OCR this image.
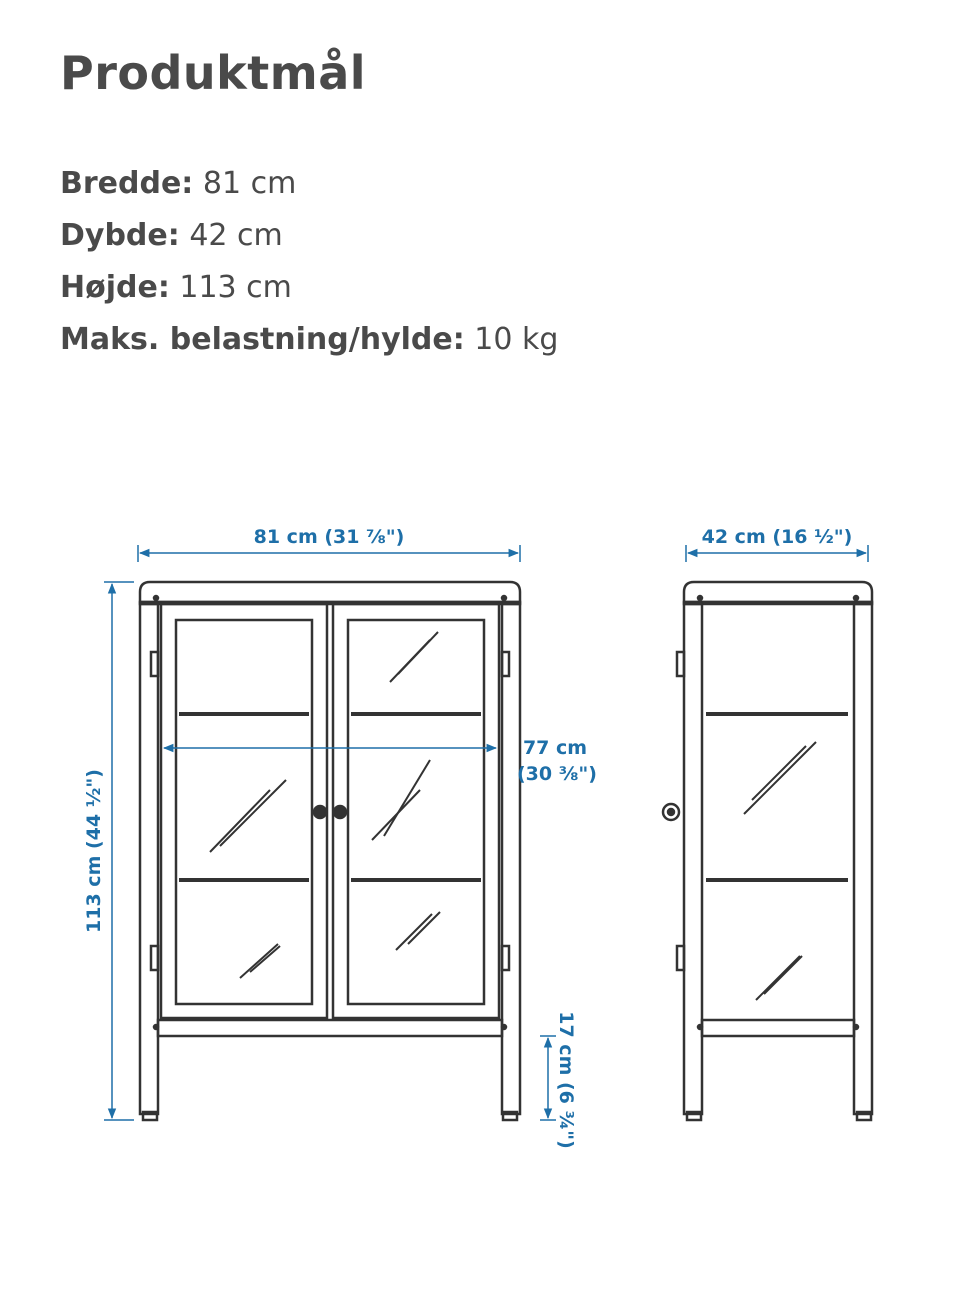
Produktmål
Bredde: 81 cm
Dybde: 42 cm
Højde: 113 cm
Maks. belastning/hylde: 10 kg
81 cm (31 ⅞")	42 cm (16 ½")
113 cm (44 ½")
77 cm
(30 ⅜")
17 cm (6 ¾")
